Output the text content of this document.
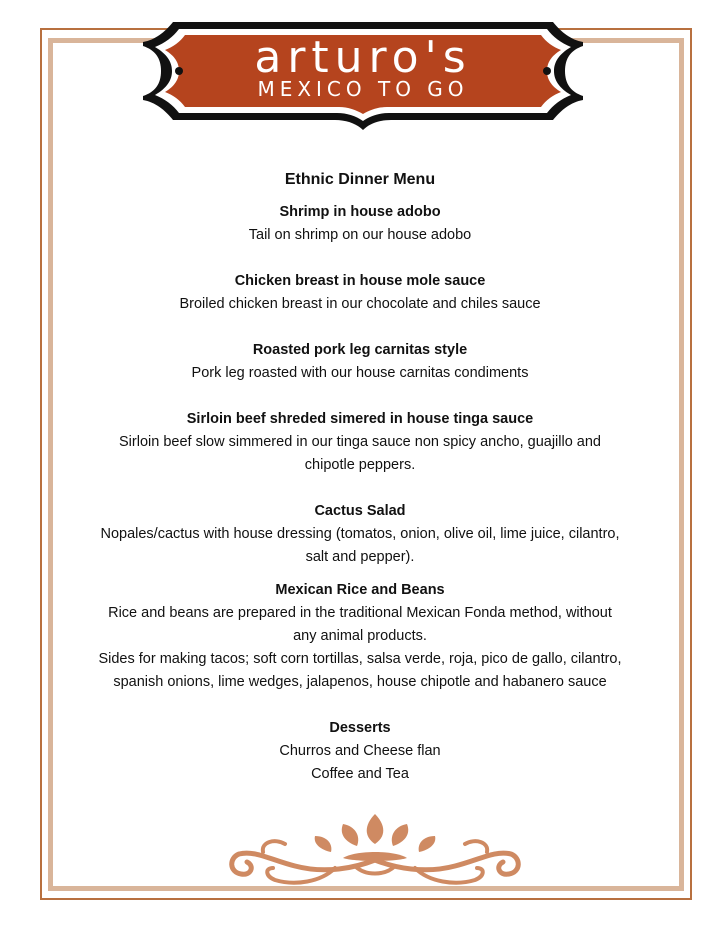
arturo's
MEXICO TO GO
Ethnic Dinner Menu
Shrimp in house adobo
Tail on shrimp on our house adobo
Chicken breast in house mole sauce
Broiled chicken breast in our chocolate and chiles sauce
Roasted pork leg carnitas style
Pork leg roasted with our house carnitas condiments
Sirloin beef shreded simered in house tinga sauce
Sirloin beef slow simmered in our tinga sauce non spicy ancho, guajillo and
chipotle peppers.
Cactus Salad
Nopales/cactus with house dressing (tomatos, onion, olive oil, lime juice, cilantro,
salt and pepper).
Mexican Rice and Beans
Rice and beans are prepared in the traditional Mexican Fonda method, without
any animal products.
Sides for making tacos; soft corn tortillas, salsa verde, roja, pico de gallo, cilantro,
spanish onions, lime wedges, jalapenos, house chipotle and habanero sauce
Desserts
Churros and Cheese flan
Coffee and Tea
